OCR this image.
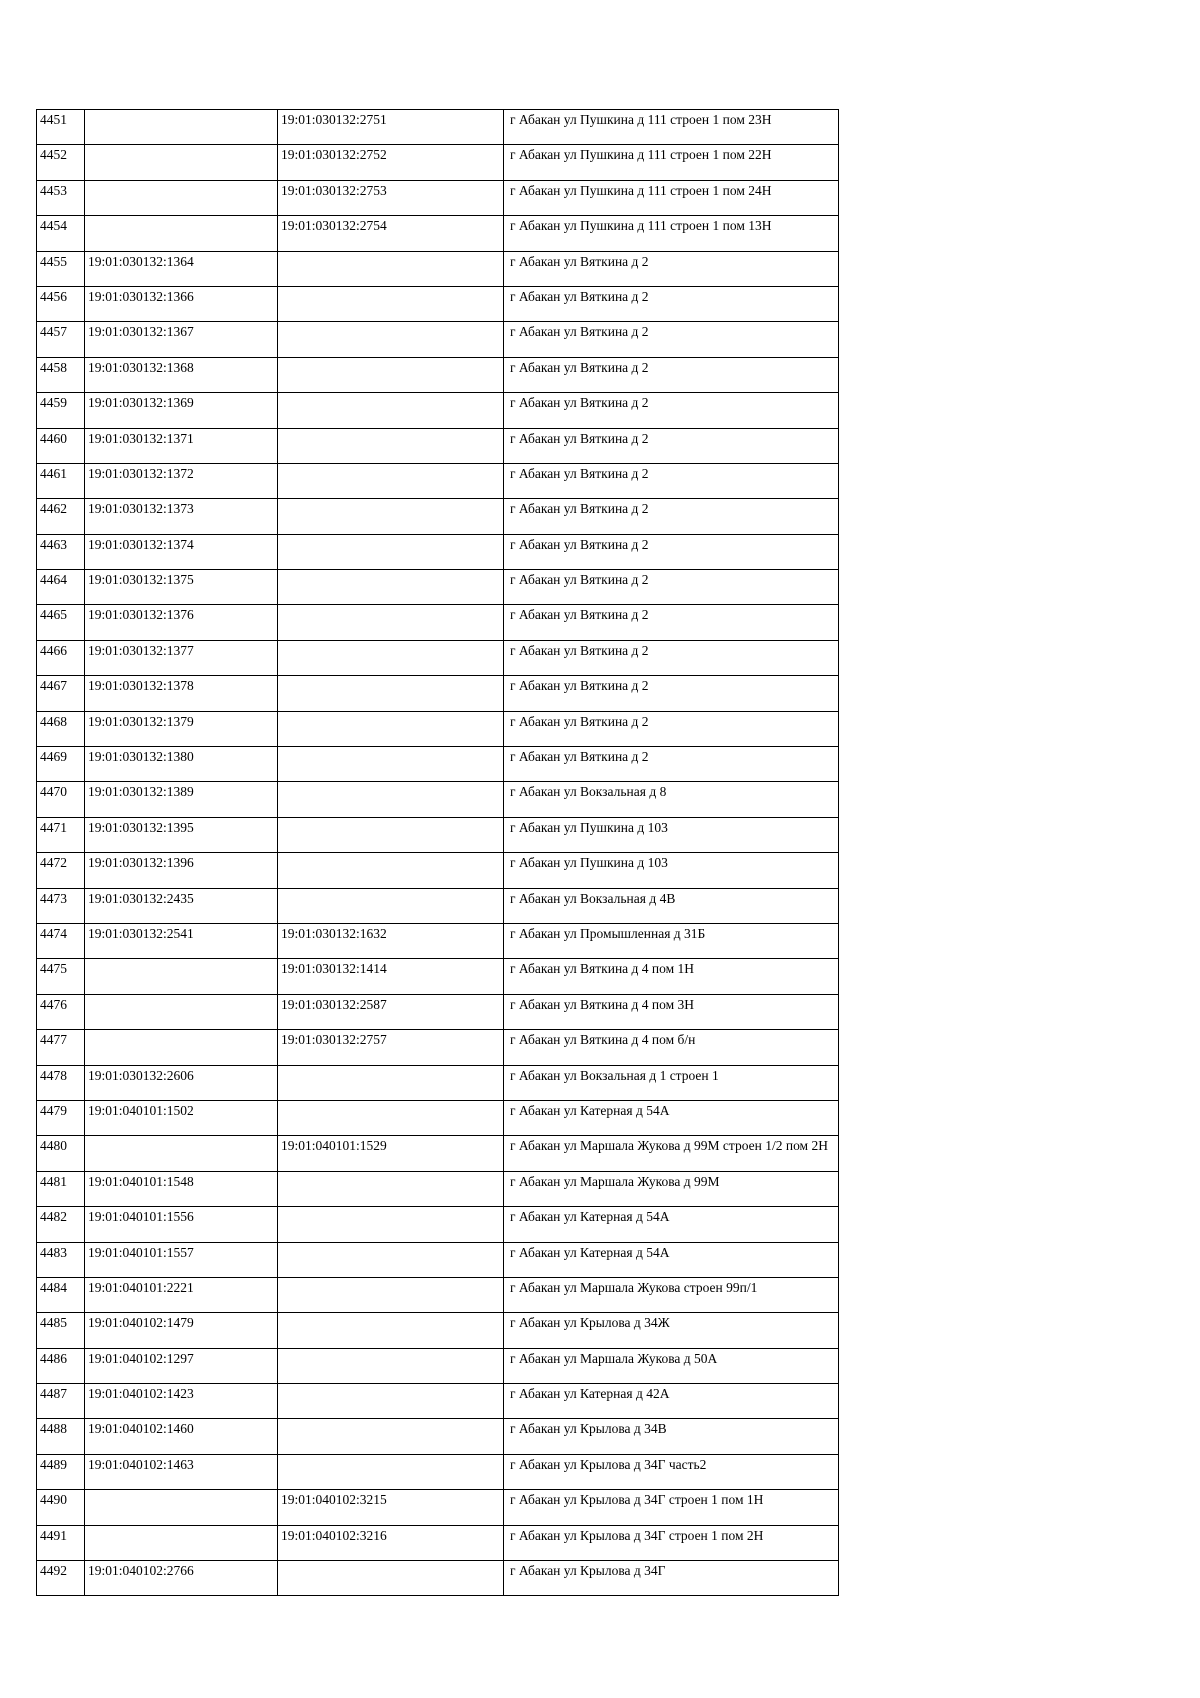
4451		19:01:030132:2751	г Абакан ул Пушкина д 111 строен 1 пом 23Н
4452		19:01:030132:2752	г Абакан ул Пушкина д 111 строен 1 пом 22Н
4453		19:01:030132:2753	г Абакан ул Пушкина д 111 строен 1 пом 24Н
4454		19:01:030132:2754	г Абакан ул Пушкина д 111 строен 1 пом 13Н
4455	19:01:030132:1364		г Абакан ул Вяткина д 2
4456	19:01:030132:1366		г Абакан ул Вяткина д 2
4457	19:01:030132:1367		г Абакан ул Вяткина д 2
4458	19:01:030132:1368		г Абакан ул Вяткина д 2
4459	19:01:030132:1369		г Абакан ул Вяткина д 2
4460	19:01:030132:1371		г Абакан ул Вяткина д 2
4461	19:01:030132:1372		г Абакан ул Вяткина д 2
4462	19:01:030132:1373		г Абакан ул Вяткина д 2
4463	19:01:030132:1374		г Абакан ул Вяткина д 2
4464	19:01:030132:1375		г Абакан ул Вяткина д 2
4465	19:01:030132:1376		г Абакан ул Вяткина д 2
4466	19:01:030132:1377		г Абакан ул Вяткина д 2
4467	19:01:030132:1378		г Абакан ул Вяткина д 2
4468	19:01:030132:1379		г Абакан ул Вяткина д 2
4469	19:01:030132:1380		г Абакан ул Вяткина д 2
4470	19:01:030132:1389		г Абакан ул Вокзальная д 8
4471	19:01:030132:1395		г Абакан ул Пушкина д 103
4472	19:01:030132:1396		г Абакан ул Пушкина д 103
4473	19:01:030132:2435		г Абакан ул Вокзальная д 4В
4474	19:01:030132:2541	19:01:030132:1632	г Абакан ул Промышленная д 31Б
4475		19:01:030132:1414	г Абакан ул Вяткина д 4 пом 1Н
4476		19:01:030132:2587	г Абакан ул Вяткина д 4 пом 3Н
4477		19:01:030132:2757	г Абакан ул Вяткина д 4 пом б/н
4478	19:01:030132:2606		г Абакан ул Вокзальная д 1 строен 1
4479	19:01:040101:1502		г Абакан ул Катерная д 54А
4480		19:01:040101:1529	г Абакан ул Маршала Жукова д 99М строен 1/2 пом 2Н
4481	19:01:040101:1548		г Абакан ул Маршала Жукова д 99М
4482	19:01:040101:1556		г Абакан ул Катерная д 54А
4483	19:01:040101:1557		г Абакан ул Катерная д 54А
4484	19:01:040101:2221		г Абакан ул Маршала Жукова строен 99п/1
4485	19:01:040102:1479		г Абакан ул Крылова д 34Ж
4486	19:01:040102:1297		г Абакан ул Маршала Жукова д 50А
4487	19:01:040102:1423		г Абакан ул Катерная д 42А
4488	19:01:040102:1460		г Абакан ул Крылова д 34В
4489	19:01:040102:1463		г Абакан ул Крылова д 34Г часть2
4490		19:01:040102:3215	г Абакан ул Крылова д 34Г строен 1 пом 1Н
4491		19:01:040102:3216	г Абакан ул Крылова д 34Г строен 1 пом 2Н
4492	19:01:040102:2766		г Абакан ул Крылова д 34Г
